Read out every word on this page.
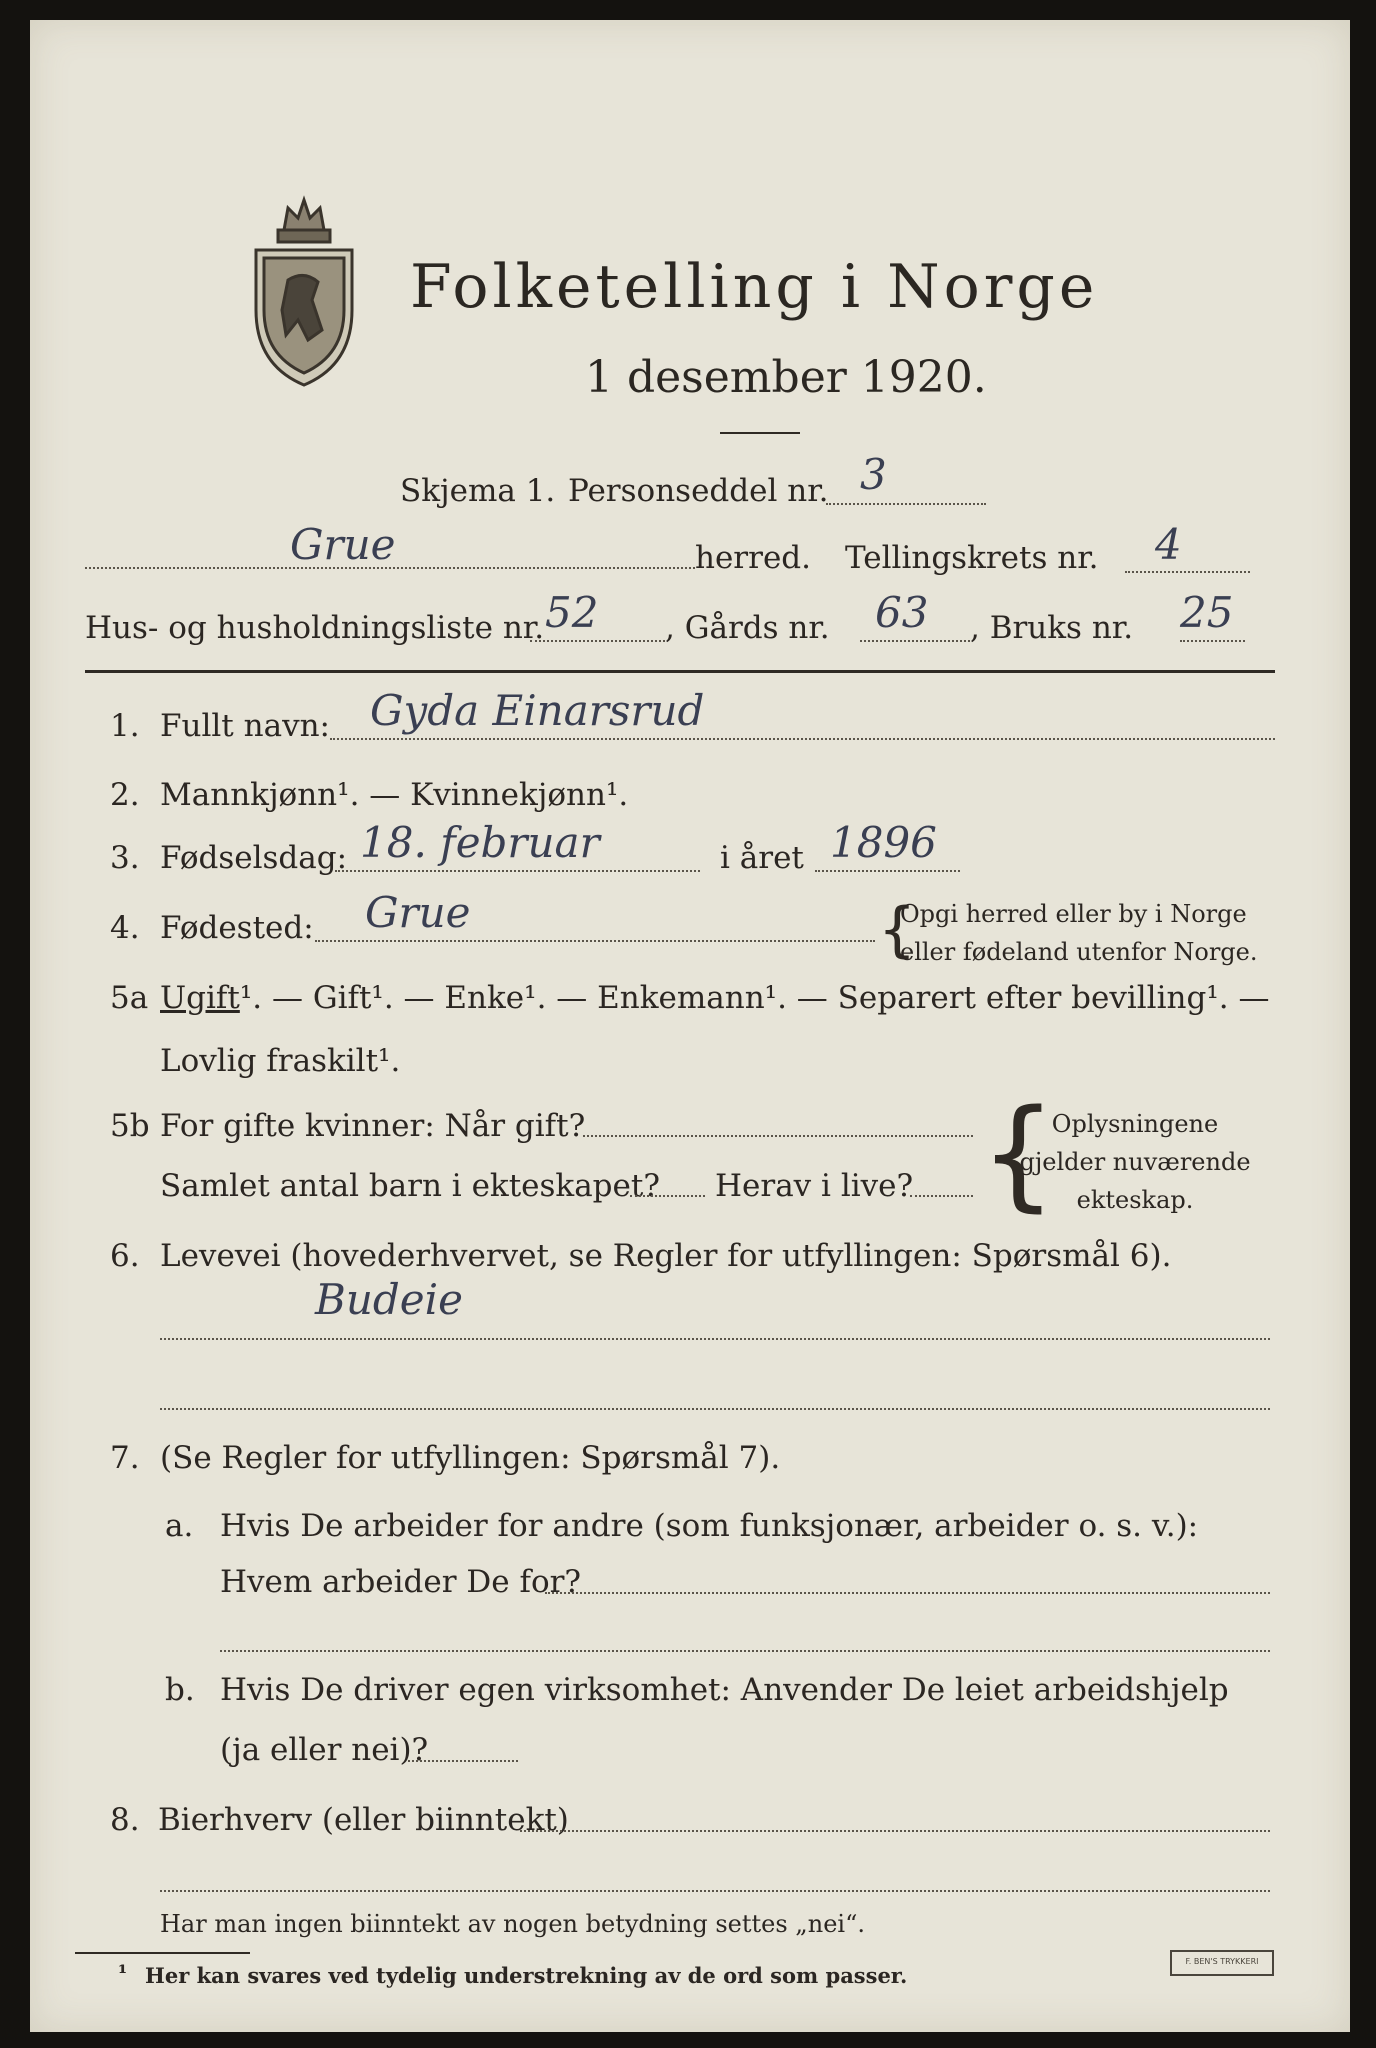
Folketelling i Norge
1 desember 1920.
Skjema 1. Personseddel nr. 3
Grue	herred. Tellingskrets nr. 4
Hus- og husholdningsliste nr. 52 , Gårds nr. 63 , Bruks nr. 25
1. Fullt navn: Gyda Einarsrud
2. Mannkjønn¹. — Kvinnekjønn¹.
3. Fødselsdag: 18. februar	i året 1896
4. Fødested: Grue	{
Opgi herred eller by i Norge
eller fødeland utenfor Norge.
5a Ugift¹. — Gift¹. — Enke¹. — Enkemann¹. — Separert efter bevilling¹. —
Lovlig fraskilt¹.
5b For gifte kvinner: Når gift?
Samlet antal barn i ekteskapet? Herav i live? {
Oplysningene
gjelder nuværende
ekteskap.
6. Levevei (hovederhvervet, se Regler for utfyllingen: Spørsmål 6).
Budeie
7. (Se Regler for utfyllingen: Spørsmål 7).
a. Hvis De arbeider for andre (som funksjonær, arbeider o. s. v.):
Hvem arbeider De for?
b. Hvis De driver egen virksomhet: Anvender De leiet arbeidshjelp
(ja eller nei)?
8. Bierhverv (eller biinntekt)
Har man ingen biinntekt av nogen betydning settes „nei“.
¹ Her kan svares ved tydelig understrekning av de ord som passer.
F. BEN'S TRYKKERI
